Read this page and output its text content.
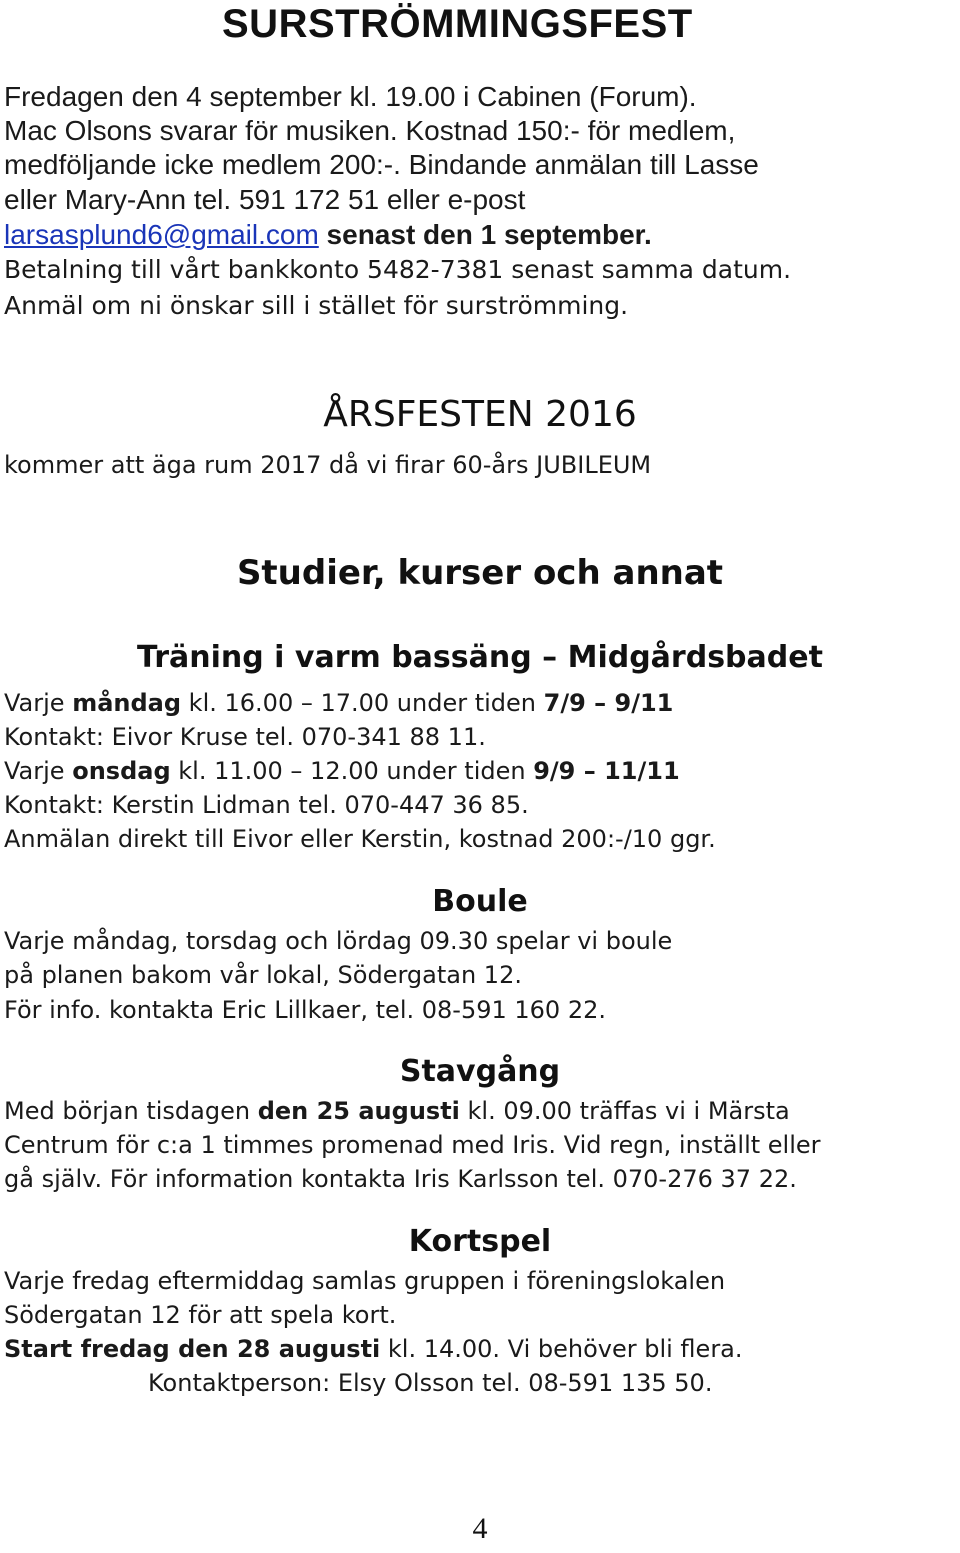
SURSTRÖMMINGSFEST
Fredagen den 4 september kl. 19.00 i Cabinen (Forum).
Mac Olsons svarar för musiken. Kostnad 150:- för medlem,
medföljande icke medlem 200:-. Bindande anmälan till Lasse
eller Mary-Ann tel. 591 172 51 eller e-post
larsasplund6@gmail.com senast den 1 september.
Betalning till vårt bankkonto 5482-7381 senast samma datum.
Anmäl om ni önskar sill i stället för surströmming.
ÅRSFESTEN 2016
kommer att äga rum 2017 då vi firar 60-års JUBILEUM
Studier, kurser och annat
Träning i varm bassäng – Midgårdsbadet
Varje måndag kl. 16.00 – 17.00 under tiden 7/9 – 9/11
Kontakt: Eivor Kruse tel. 070-341 88 11.
Varje onsdag kl. 11.00 – 12.00 under tiden 9/9 – 11/11
Kontakt: Kerstin Lidman tel. 070-447 36 85.
Anmälan direkt till Eivor eller Kerstin, kostnad 200:-/10 ggr.
Boule
Varje måndag, torsdag och lördag 09.30 spelar vi boule
på planen bakom vår lokal, Södergatan 12.
För info. kontakta Eric Lillkaer, tel. 08-591 160 22.
Stavgång
Med början tisdagen den 25 augusti kl. 09.00 träffas vi i Märsta
Centrum för c:a 1 timmes promenad med Iris. Vid regn, inställt eller
gå själv. För information kontakta Iris Karlsson tel. 070-276 37 22.
Kortspel
Varje fredag eftermiddag samlas gruppen i föreningslokalen
Södergatan 12 för att spela kort.
Start fredag den 28 augusti kl. 14.00. Vi behöver bli flera.
Kontaktperson: Elsy Olsson tel. 08-591 135 50.
4
